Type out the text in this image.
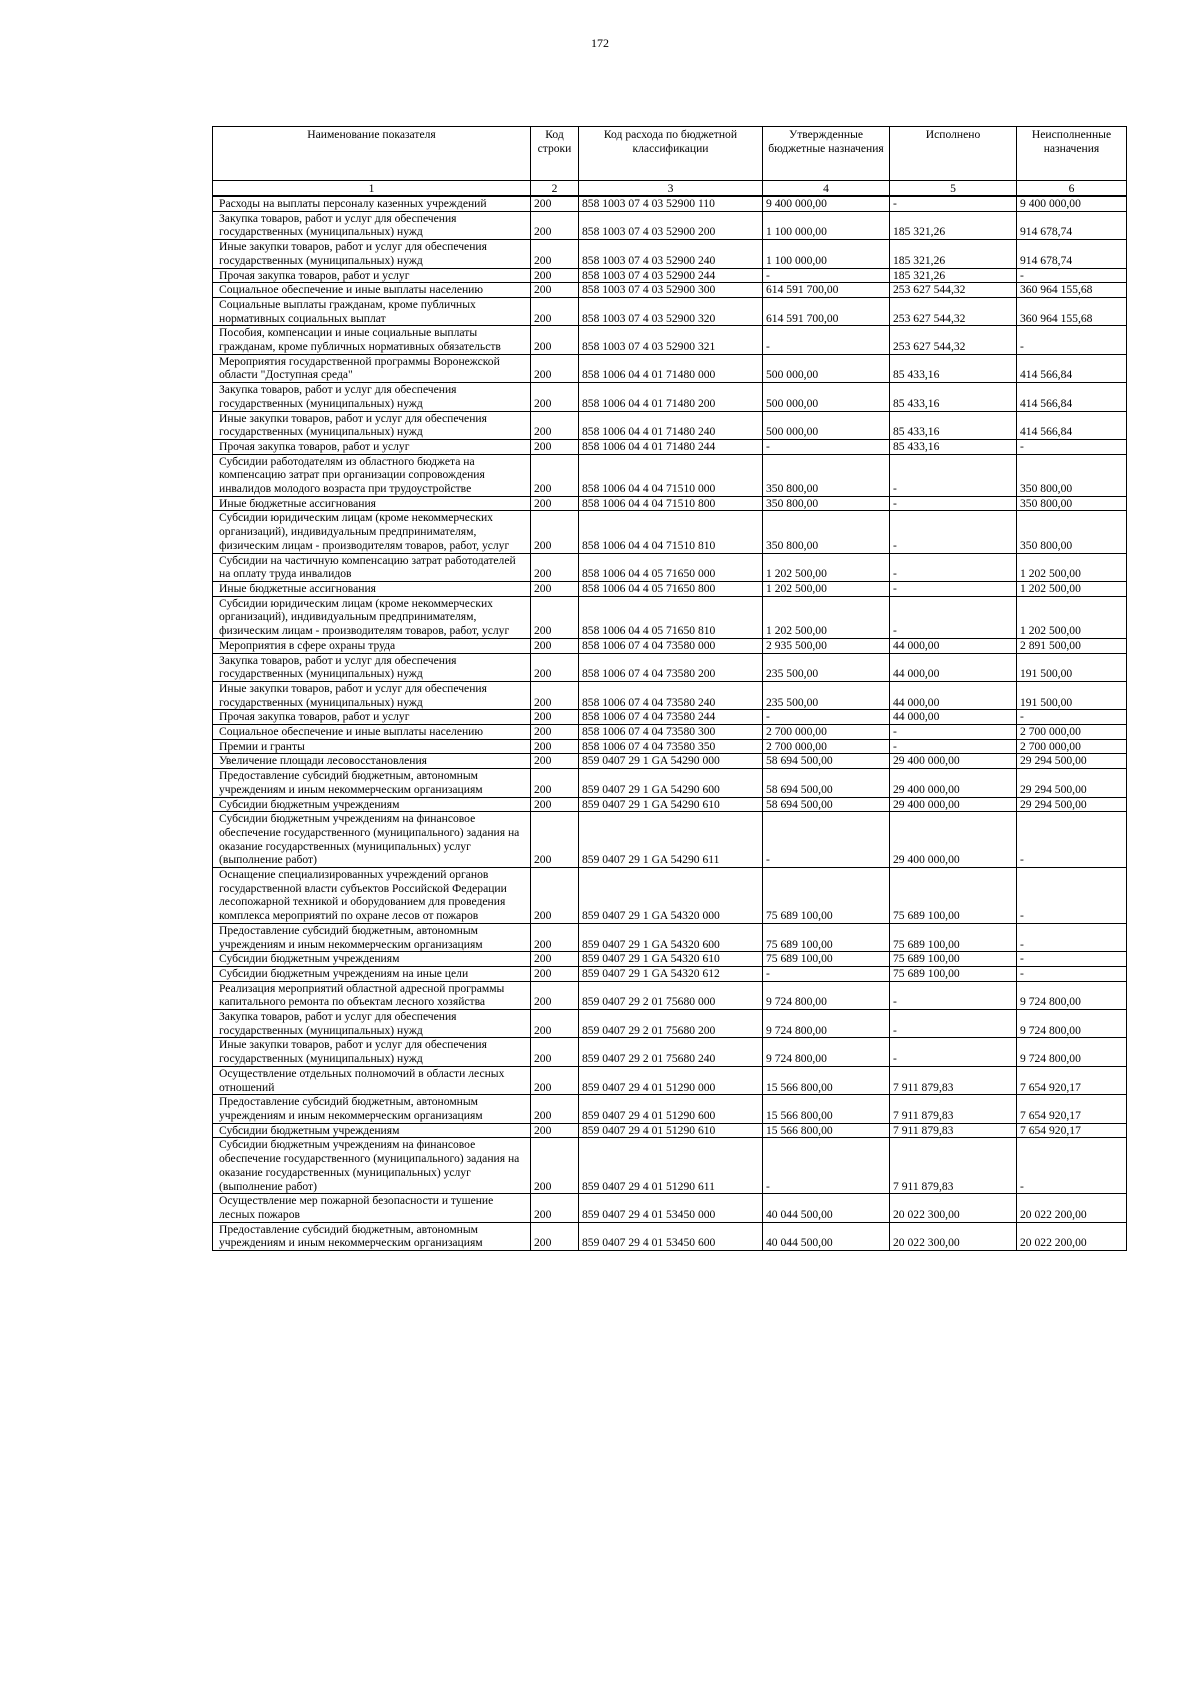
172
Наименование показателя	Код строки	Код расхода по бюджетной классификации	Утвержденные бюджетные назначения	Исполнено	Неисполненные назначения
1	2	3	4	5	6
Расходы на выплаты персоналу казенных учреждений	200	858 1003 07 4 03 52900 110	9 400 000,00	-	9 400 000,00
Закупка товаров, работ и услуг для обеспечения государственных (муниципальных) нужд	200	858 1003 07 4 03 52900 200	1 100 000,00	185 321,26	914 678,74
Иные закупки товаров, работ и услуг для обеспечения государственных (муниципальных) нужд	200	858 1003 07 4 03 52900 240	1 100 000,00	185 321,26	914 678,74
Прочая закупка товаров, работ и услуг	200	858 1003 07 4 03 52900 244	-	185 321,26	-
Социальное обеспечение и иные выплаты населению	200	858 1003 07 4 03 52900 300	614 591 700,00	253 627 544,32	360 964 155,68
Социальные выплаты гражданам, кроме публичных нормативных социальных выплат	200	858 1003 07 4 03 52900 320	614 591 700,00	253 627 544,32	360 964 155,68
Пособия, компенсации и иные социальные выплаты гражданам, кроме публичных нормативных обязательств	200	858 1003 07 4 03 52900 321	-	253 627 544,32	-
Мероприятия государственной программы Воронежской области "Доступная среда"	200	858 1006 04 4 01 71480 000	500 000,00	85 433,16	414 566,84
Закупка товаров, работ и услуг для обеспечения государственных (муниципальных) нужд	200	858 1006 04 4 01 71480 200	500 000,00	85 433,16	414 566,84
Иные закупки товаров, работ и услуг для обеспечения государственных (муниципальных) нужд	200	858 1006 04 4 01 71480 240	500 000,00	85 433,16	414 566,84
Прочая закупка товаров, работ и услуг	200	858 1006 04 4 01 71480 244	-	85 433,16	-
Субсидии работодателям из областного бюджета на компенсацию затрат при организации сопровождения инвалидов молодого возраста при трудоустройстве	200	858 1006 04 4 04 71510 000	350 800,00	-	350 800,00
Иные бюджетные ассигнования	200	858 1006 04 4 04 71510 800	350 800,00	-	350 800,00
Субсидии юридическим лицам (кроме некоммерческих организаций), индивидуальным предпринимателям, физическим лицам - производителям товаров, работ, услуг	200	858 1006 04 4 04 71510 810	350 800,00	-	350 800,00
Субсидии на частичную компенсацию затрат работодателей на оплату труда инвалидов	200	858 1006 04 4 05 71650 000	1 202 500,00	-	1 202 500,00
Иные бюджетные ассигнования	200	858 1006 04 4 05 71650 800	1 202 500,00	-	1 202 500,00
Субсидии юридическим лицам (кроме некоммерческих организаций), индивидуальным предпринимателям, физическим лицам - производителям товаров, работ, услуг	200	858 1006 04 4 05 71650 810	1 202 500,00	-	1 202 500,00
Мероприятия в сфере охраны труда	200	858 1006 07 4 04 73580 000	2 935 500,00	44 000,00	2 891 500,00
Закупка товаров, работ и услуг для обеспечения государственных (муниципальных) нужд	200	858 1006 07 4 04 73580 200	235 500,00	44 000,00	191 500,00
Иные закупки товаров, работ и услуг для обеспечения государственных (муниципальных) нужд	200	858 1006 07 4 04 73580 240	235 500,00	44 000,00	191 500,00
Прочая закупка товаров, работ и услуг	200	858 1006 07 4 04 73580 244	-	44 000,00	-
Социальное обеспечение и иные выплаты населению	200	858 1006 07 4 04 73580 300	2 700 000,00	-	2 700 000,00
Премии и гранты	200	858 1006 07 4 04 73580 350	2 700 000,00	-	2 700 000,00
Увеличение площади лесовосстановления	200	859 0407 29 1 GA 54290 000	58 694 500,00	29 400 000,00	29 294 500,00
Предоставление субсидий бюджетным, автономным учреждениям и иным некоммерческим организациям	200	859 0407 29 1 GA 54290 600	58 694 500,00	29 400 000,00	29 294 500,00
Субсидии бюджетным учреждениям	200	859 0407 29 1 GA 54290 610	58 694 500,00	29 400 000,00	29 294 500,00
Субсидии бюджетным учреждениям на финансовое обеспечение государственного (муниципального) задания на оказание государственных (муниципальных) услуг (выполнение работ)	200	859 0407 29 1 GA 54290 611	-	29 400 000,00	-
Оснащение специализированных учреждений органов государственной власти субъектов Российской Федерации лесопожарной техникой и оборудованием для проведения комплекса мероприятий по охране лесов от пожаров	200	859 0407 29 1 GA 54320 000	75 689 100,00	75 689 100,00	-
Предоставление субсидий бюджетным, автономным учреждениям и иным некоммерческим организациям	200	859 0407 29 1 GA 54320 600	75 689 100,00	75 689 100,00	-
Субсидии бюджетным учреждениям	200	859 0407 29 1 GA 54320 610	75 689 100,00	75 689 100,00	-
Субсидии бюджетным учреждениям на иные цели	200	859 0407 29 1 GA 54320 612	-	75 689 100,00	-
Реализация мероприятий областной адресной программы капитального ремонта по объектам лесного хозяйства	200	859 0407 29 2 01 75680 000	9 724 800,00	-	9 724 800,00
Закупка товаров, работ и услуг для обеспечения государственных (муниципальных) нужд	200	859 0407 29 2 01 75680 200	9 724 800,00	-	9 724 800,00
Иные закупки товаров, работ и услуг для обеспечения государственных (муниципальных) нужд	200	859 0407 29 2 01 75680 240	9 724 800,00	-	9 724 800,00
Осуществление отдельных полномочий в области лесных отношений	200	859 0407 29 4 01 51290 000	15 566 800,00	7 911 879,83	7 654 920,17
Предоставление субсидий бюджетным, автономным учреждениям и иным некоммерческим организациям	200	859 0407 29 4 01 51290 600	15 566 800,00	7 911 879,83	7 654 920,17
Субсидии бюджетным учреждениям	200	859 0407 29 4 01 51290 610	15 566 800,00	7 911 879,83	7 654 920,17
Субсидии бюджетным учреждениям на финансовое обеспечение государственного (муниципального) задания на оказание государственных (муниципальных) услуг (выполнение работ)	200	859 0407 29 4 01 51290 611	-	7 911 879,83	-
Осуществление мер пожарной безопасности и тушение лесных пожаров	200	859 0407 29 4 01 53450 000	40 044 500,00	20 022 300,00	20 022 200,00
Предоставление субсидий бюджетным, автономным учреждениям и иным некоммерческим организациям	200	859 0407 29 4 01 53450 600	40 044 500,00	20 022 300,00	20 022 200,00
